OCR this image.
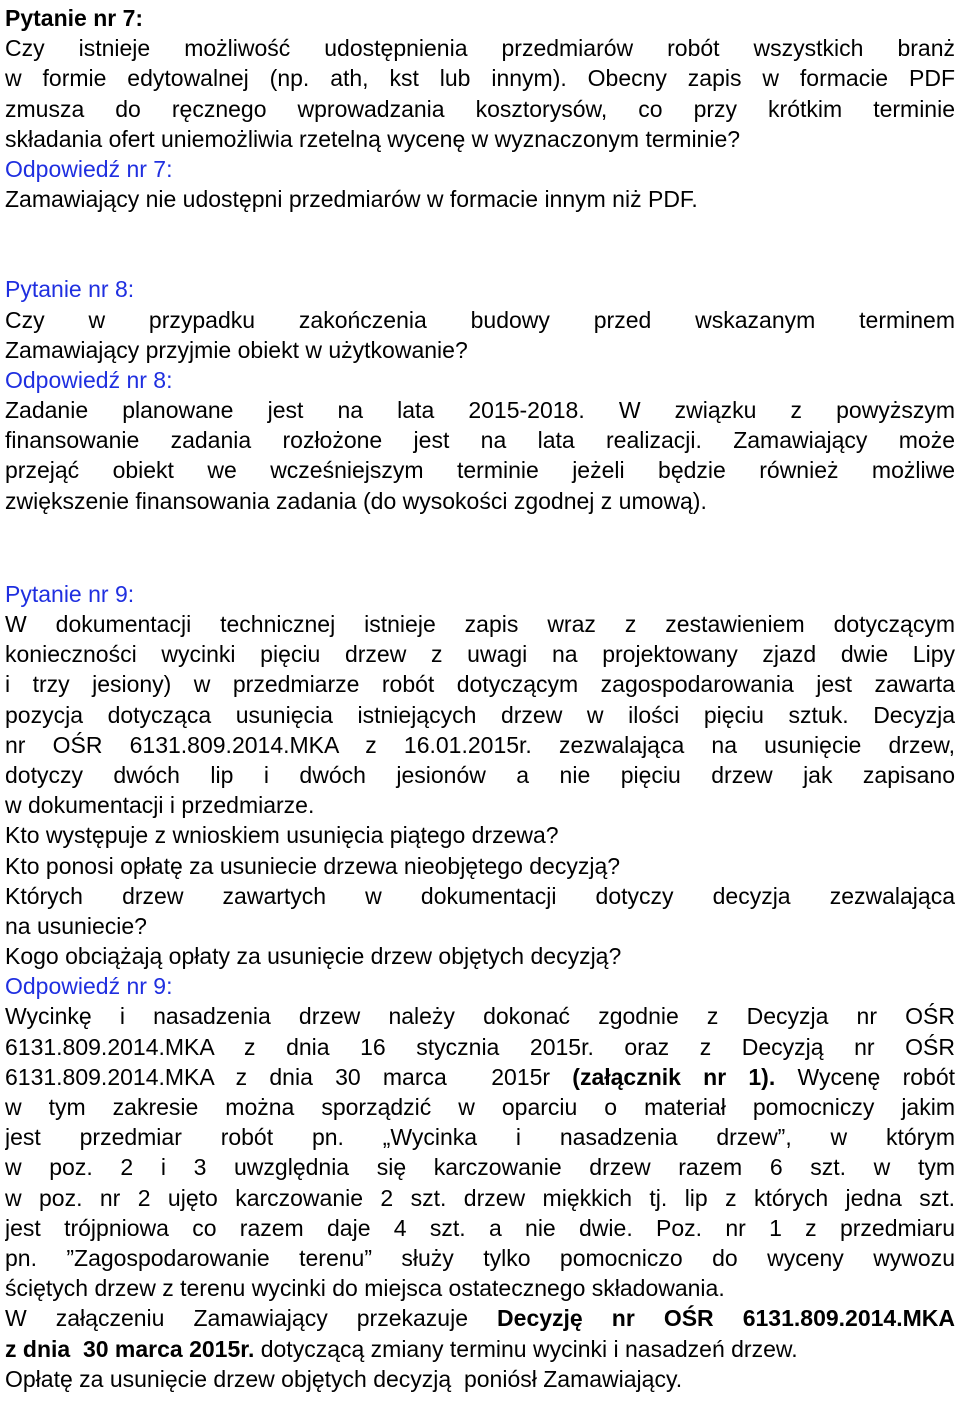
Pytanie nr 7:
Czy istnieje możliwość udostępnienia przedmiarów robót wszystkich branż
w formie edytowalnej (np. ath, kst lub innym). Obecny zapis w formacie PDF
zmusza do ręcznego wprowadzania kosztorysów, co przy krótkim terminie
składania ofert uniemożliwia rzetelną wycenę w wyznaczonym terminie?
Odpowiedź nr 7:
Zamawiający nie udostępni przedmiarów w formacie innym niż PDF.
Pytanie nr 8:
Czy w przypadku zakończenia budowy przed wskazanym terminem
Zamawiający przyjmie obiekt w użytkowanie?
Odpowiedź nr 8:
Zadanie planowane jest na lata 2015-2018. W związku z powyższym
finansowanie zadania rozłożone jest na lata realizacji. Zamawiający może
przejąć obiekt we wcześniejszym terminie jeżeli będzie również możliwe
zwiększenie finansowania zadania (do wysokości zgodnej z umową).
Pytanie nr 9:
W dokumentacji technicznej istnieje zapis wraz z zestawieniem dotyczącym
konieczności wycinki pięciu drzew z uwagi na projektowany zjazd dwie Lipy
i trzy jesiony) w przedmiarze robót dotyczącym zagospodarowania jest zawarta
pozycja dotycząca usunięcia istniejących drzew w ilości pięciu sztuk. Decyzja
nr OŚR 6131.809.2014.MKA z 16.01.2015r. zezwalająca na usunięcie drzew,
dotyczy dwóch lip i dwóch jesionów a nie pięciu drzew jak zapisano
w dokumentacji i przedmiarze.
Kto występuje z wnioskiem usunięcia piątego drzewa?
Kto ponosi opłatę za usuniecie drzewa nieobjętego decyzją?
Których drzew zawartych w dokumentacji dotyczy decyzja zezwalająca
na usuniecie?
Kogo obciążają opłaty za usunięcie drzew objętych decyzją?
Odpowiedź nr 9:
Wycinkę i nasadzenia drzew należy dokonać zgodnie z Decyzja nr OŚR
6131.809.2014.MKA z dnia 16 stycznia 2015r. oraz z Decyzją nr OŚR
6131.809.2014.MKA z dnia 30 marca  2015r (załącznik nr 1). Wycenę robót
w tym zakresie można sporządzić w oparciu o materiał pomocniczy jakim
jest przedmiar robót pn. „Wycinka i nasadzenia drzew”, w którym
w poz. 2 i 3 uwzględnia się karczowanie drzew razem 6 szt. w tym
w poz. nr 2 ujęto karczowanie 2 szt. drzew miękkich tj. lip z których jedna szt.
jest trójpniowa co razem daje 4 szt. a nie dwie. Poz. nr 1 z przedmiaru
pn. ”Zagospodarowanie terenu” służy tylko pomocniczo do wyceny wywozu
ściętych drzew z terenu wycinki do miejsca ostatecznego składowania.
W załączeniu Zamawiający przekazuje Decyzję nr OŚR 6131.809.2014.MKA
z dnia  30 marca 2015r. dotyczącą zmiany terminu wycinki i nasadzeń drzew.
Opłatę za usunięcie drzew objętych decyzją  poniósł Zamawiający.
